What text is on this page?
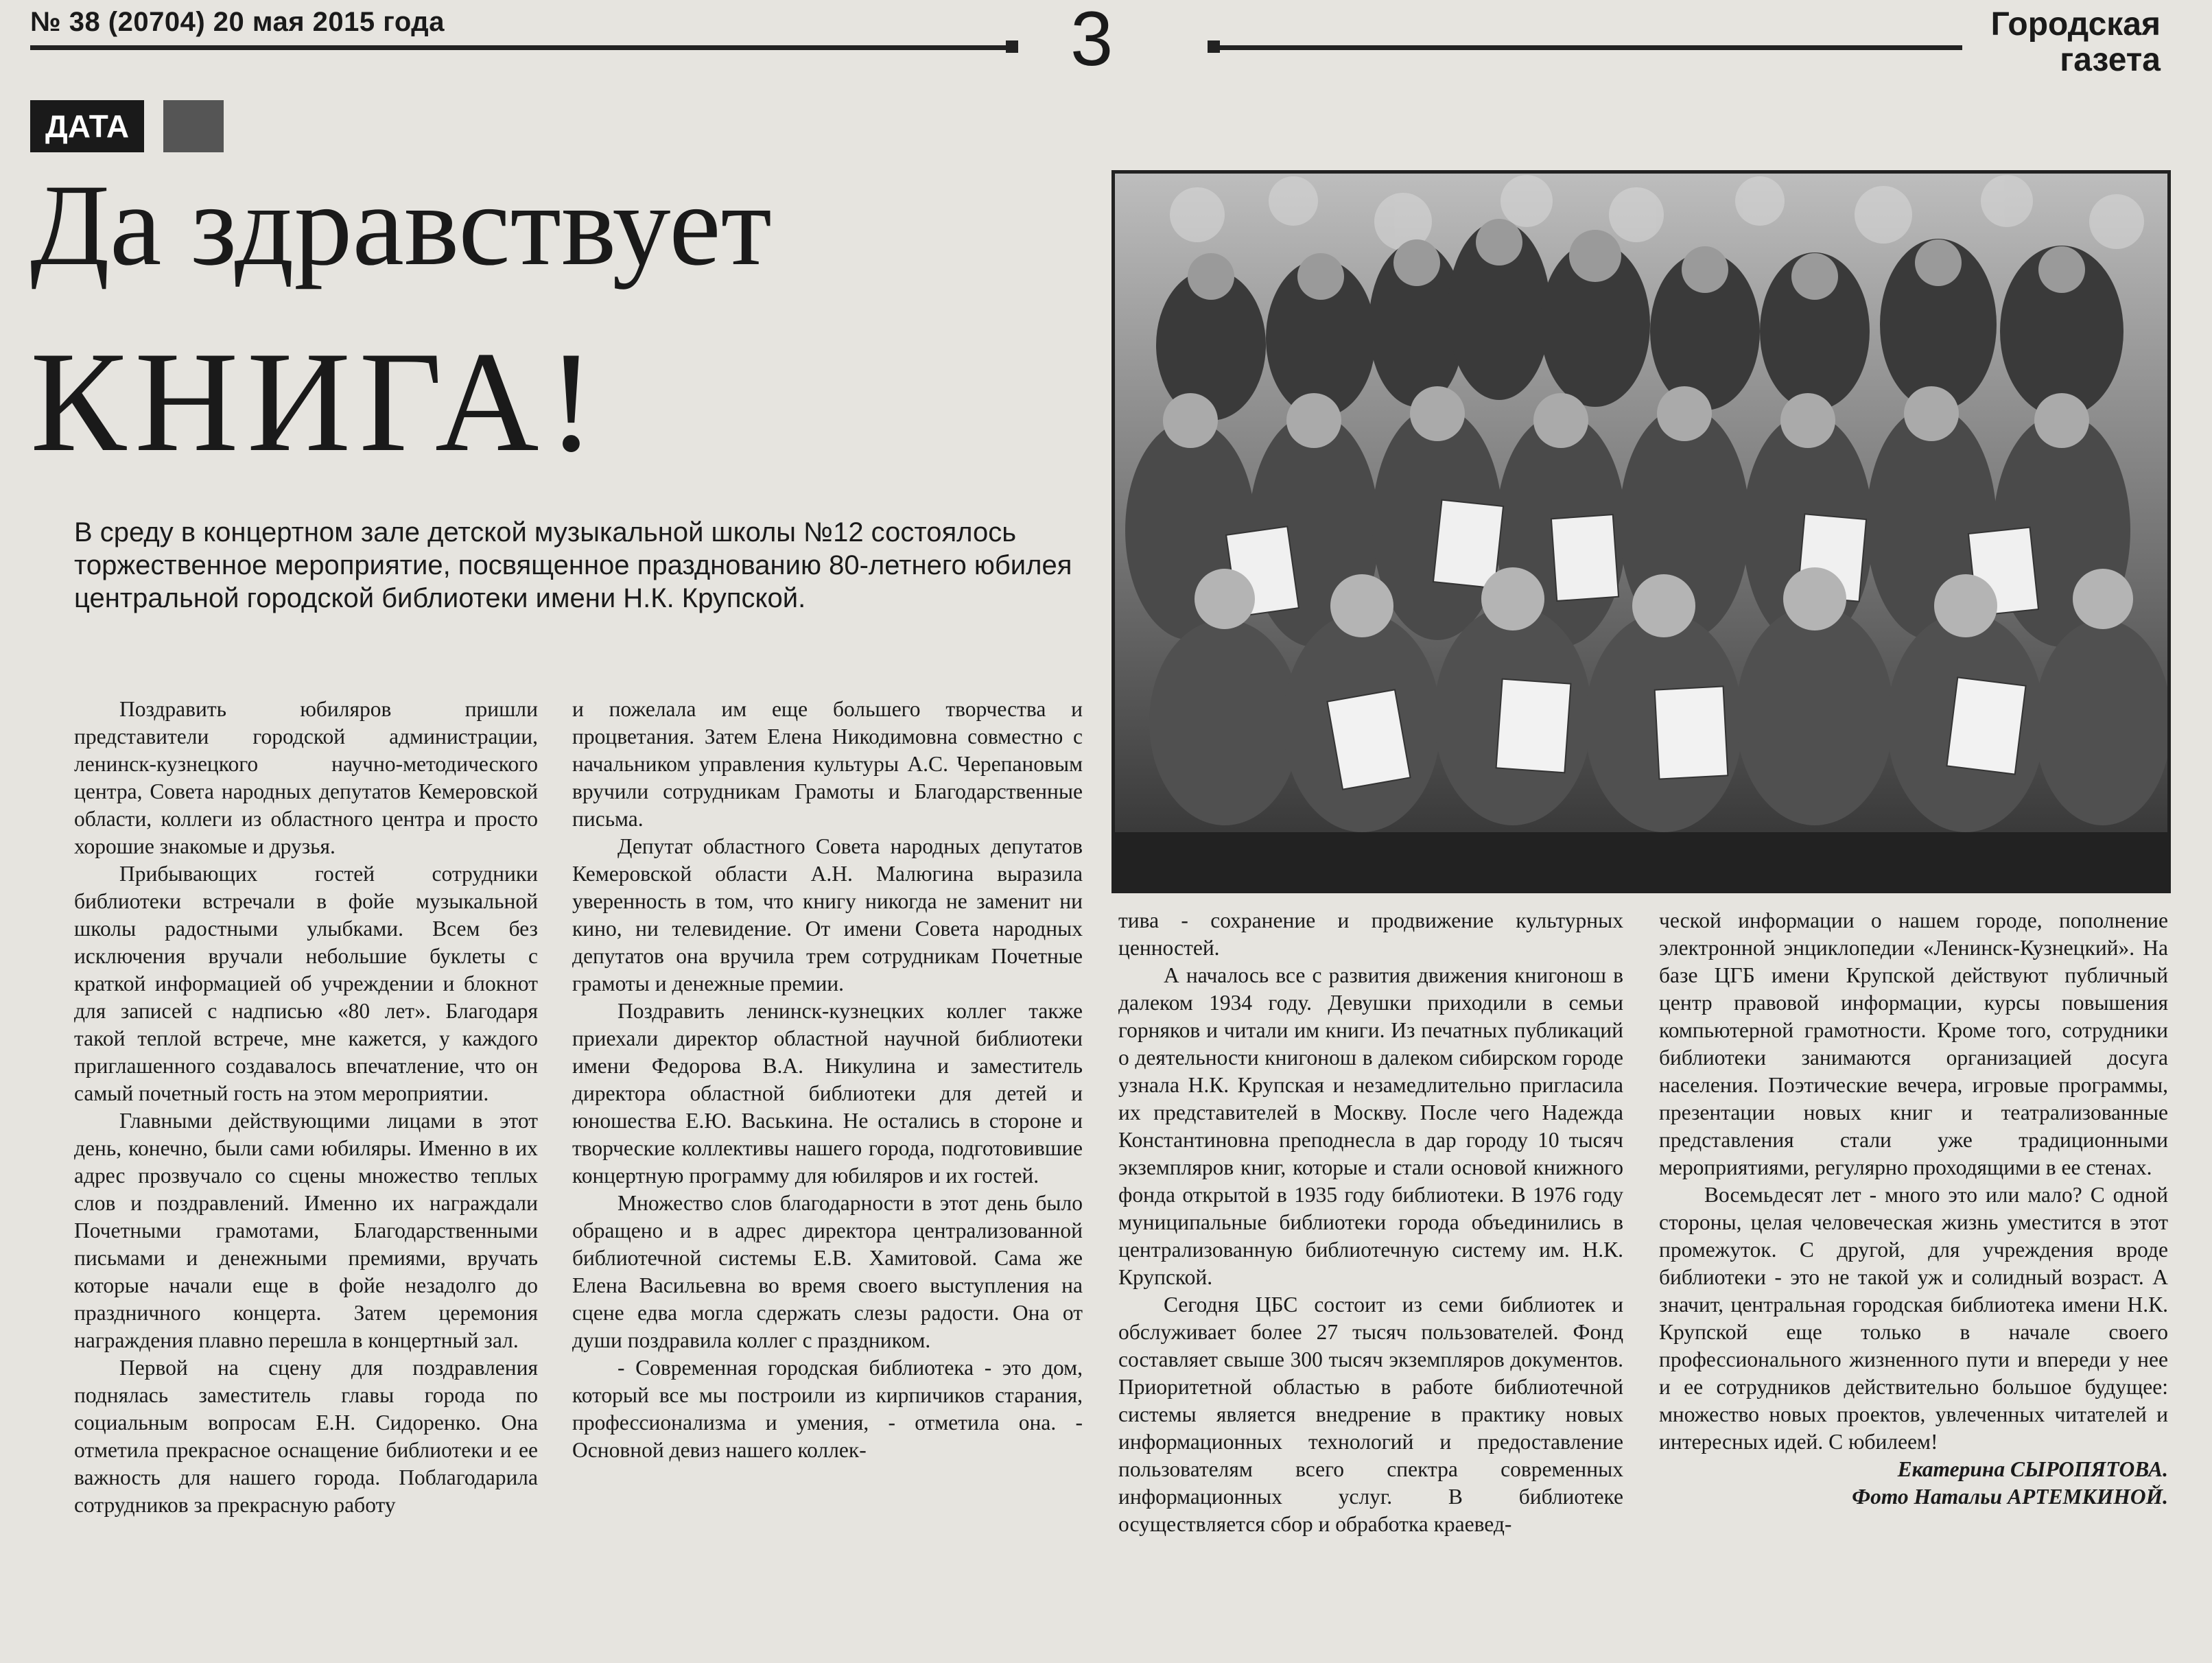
№ 38 (20704) 20 мая 2015 года	3	Городская
газета
ДАТА
Да здравствует
КНИГА!
В среду в концертном зале детской музыкальной школы №12 состоялось торжественное мероприятие, посвященное празднованию 80-летнего юбилея центральной городской библиотеки имени Н.К. Крупской.

Поздравить юбиляров пришли представители городской администрации, ленинск-кузнецкого научно-методического центра, Совета народных депутатов Кемеровской области, коллеги из областного центра и просто хорошие знакомые и друзья.

Прибывающих гостей сотрудники библиотеки встречали в фойе музыкальной школы радостными улыбками. Всем без исключения вручали небольшие буклеты с краткой информацией об учреждении и блокнот для записей с надписью «80 лет». Благодаря такой теплой встрече, мне кажется, у каждого приглашенного создавалось впечатление, что он самый почетный гость на этом мероприятии.

Главными действующими лицами в этот день, конечно, были сами юбиляры. Именно в их адрес прозвучало со сцены множество теплых слов и поздравлений. Именно их награждали Почетными грамотами, Благодарственными письмами и денежными премиями, вручать которые начали еще в фойе незадолго до праздничного концерта. Затем церемония награждения плавно перешла в концертный зал.

Первой на сцену для поздравления поднялась заместитель главы города по социальным вопросам Е.Н. Сидоренко. Она отметила прекрасное оснащение библиотеки и ее важность для нашего города. Поблагодарила сотрудников за прекрасную работу

и пожелала им еще большего творчества и процветания. Затем Елена Никодимовна совместно с начальником управления культуры А.С. Черепановым вручили сотрудникам Грамоты и Благодарственные письма.

Депутат областного Совета народных депутатов Кемеровской области А.Н. Малюгина выразила уверенность в том, что книгу никогда не заменит ни кино, ни телевидение. От имени Совета народных депутатов она вручила трем сотрудникам Почетные грамоты и денежные премии.

Поздравить ленинск-кузнецких коллег также приехали директор областной научной библиотеки имени Федорова В.А. Никулина и заместитель директора областной библиотеки для детей и юношества Е.Ю. Васькина. Не остались в стороне и творческие коллективы нашего города, подготовившие концертную программу для юбиляров и их гостей.

Множество слов благодарности в этот день было обращено и в адрес директора централизованной библиотечной системы Е.В. Хамитовой. Сама же Елена Васильевна во время своего выступления на сцене едва могла сдержать слезы радости. Она от души поздравила коллег с праздником.

- Современная городская библиотека - это дом, который все мы построили из кирпичиков старания, профессионализма и умения, - отметила она. - Основной девиз нашего коллек-

тива - сохранение и продвижение культурных ценностей.

А началось все с развития движения книгонош в далеком 1934 году. Девушки приходили в семьи горняков и читали им книги. Из печатных публикаций о деятельности книгонош в далеком сибирском городе узнала Н.К. Крупская и незамедлительно пригласила их представителей в Москву. После чего Надежда Константиновна преподнесла в дар городу 10 тысяч экземпляров книг, которые и стали основой книжного фонда открытой в 1935 году библиотеки. В 1976 году муниципальные библиотеки города объединились в централизованную библиотечную систему им. Н.К. Крупской.

Сегодня ЦБС состоит из семи библиотек и обслуживает более 27 тысяч пользователей. Фонд составляет свыше 300 тысяч экземпляров документов. Приоритетной областью в работе библиотечной системы является внедрение в практику новых информационных технологий и предоставление пользователям всего спектра современных информационных услуг. В библиотеке осуществляется сбор и обработка краевед-

ческой информации о нашем городе, пополнение электронной энциклопедии «Ленинск-Кузнецкий». На базе ЦГБ имени Крупской действуют публичный центр правовой информации, курсы повышения компьютерной грамотности. Кроме того, сотрудники библиотеки занимаются организацией досуга населения. Поэтические вечера, игровые программы, презентации новых книг и театрализованные представления стали уже традиционными мероприятиями, регулярно проходящими в ее стенах.

Восемьдесят лет - много это или мало? С одной стороны, целая человеческая жизнь уместится в этот промежуток. С другой, для учреждения вроде библиотеки - это не такой уж и солидный возраст. А значит, центральная городская библиотека имени Н.К. Крупской еще только в начале своего профессионального жизненного пути и впереди у нее и ее сотрудников действительно большое будущее: множество новых проектов, увлеченных читателей и интересных идей. С юбилеем!

Екатерина СЫРОПЯТОВА.

Фото Натальи АРТЕМКИНОЙ.
